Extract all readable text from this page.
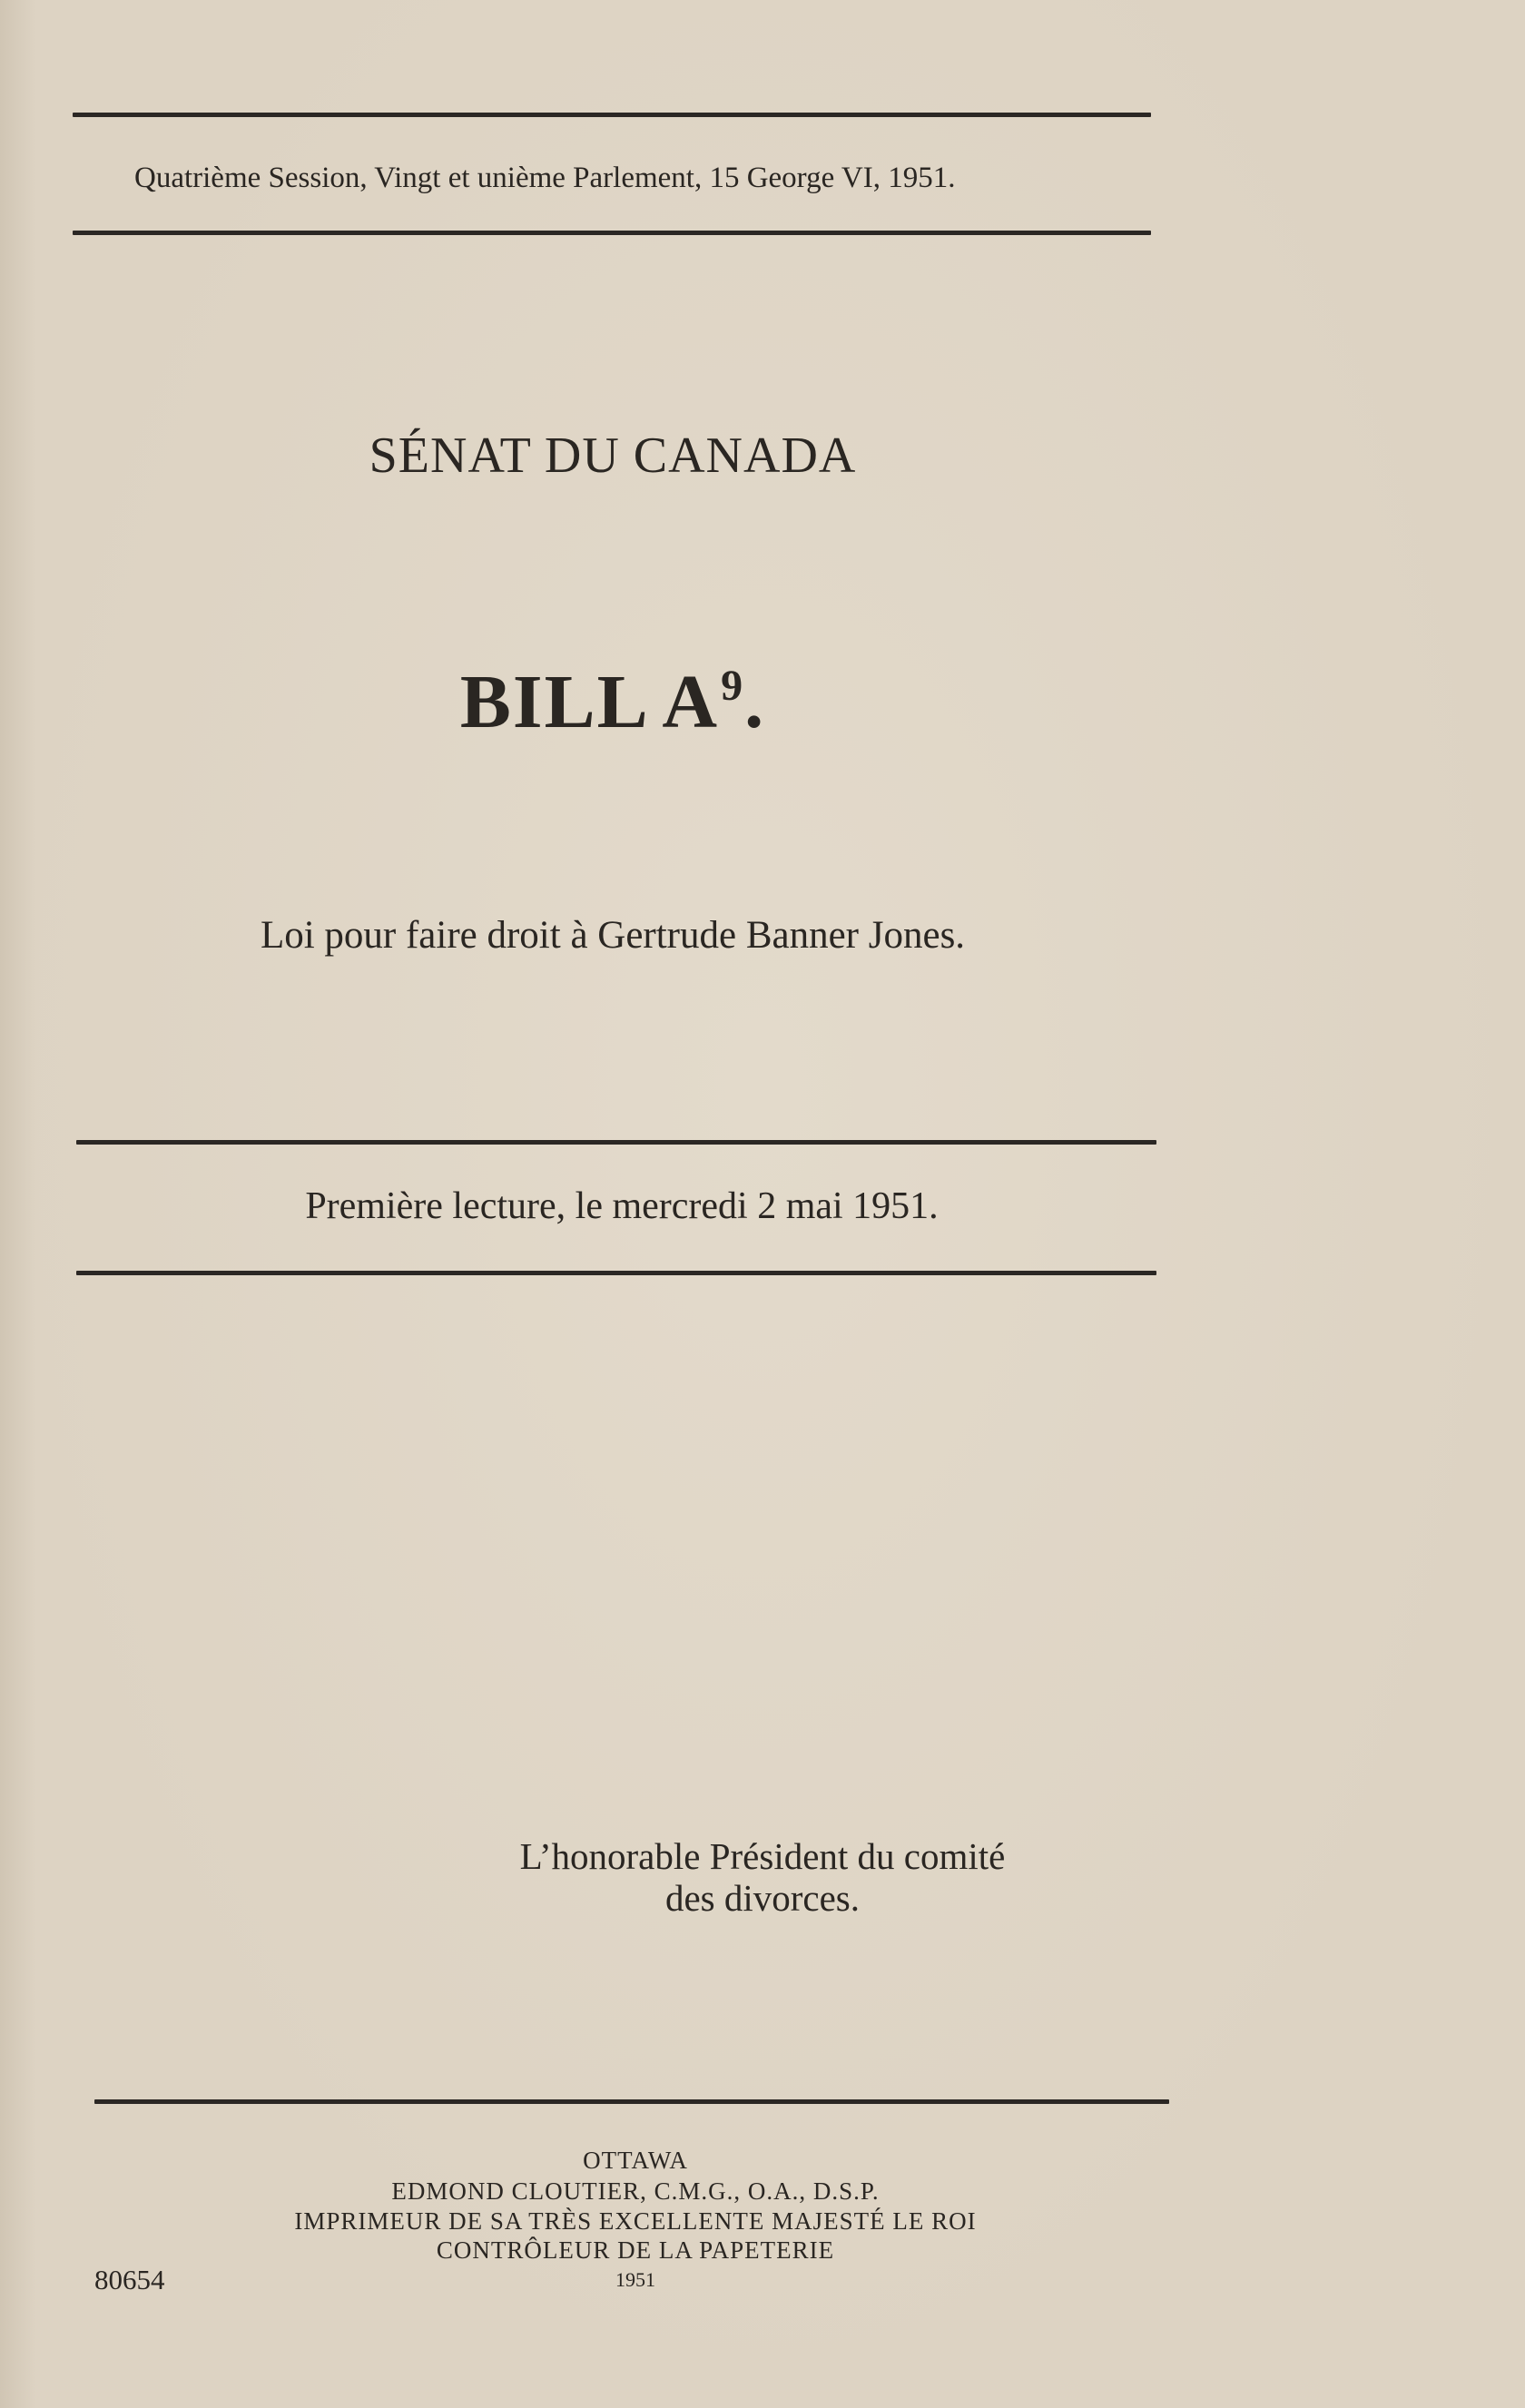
Quatrième Session, Vingt et unième Parlement, 15 George VI, 1951.
SÉNAT DU CANADA
BILL $A^9$.
Loi pour faire droit à Gertrude Banner Jones.
Première lecture, le mercredi 2 mai 1951.
L’honorable Président du comité
des divorces.
OTTAWA
EDMOND CLOUTIER, C.M.G., O.A., D.S.P.
IMPRIMEUR DE SA TRÈS EXCELLENTE MAJESTÉ LE ROI
CONTRÔLEUR DE LA PAPETERIE
1951
80654
